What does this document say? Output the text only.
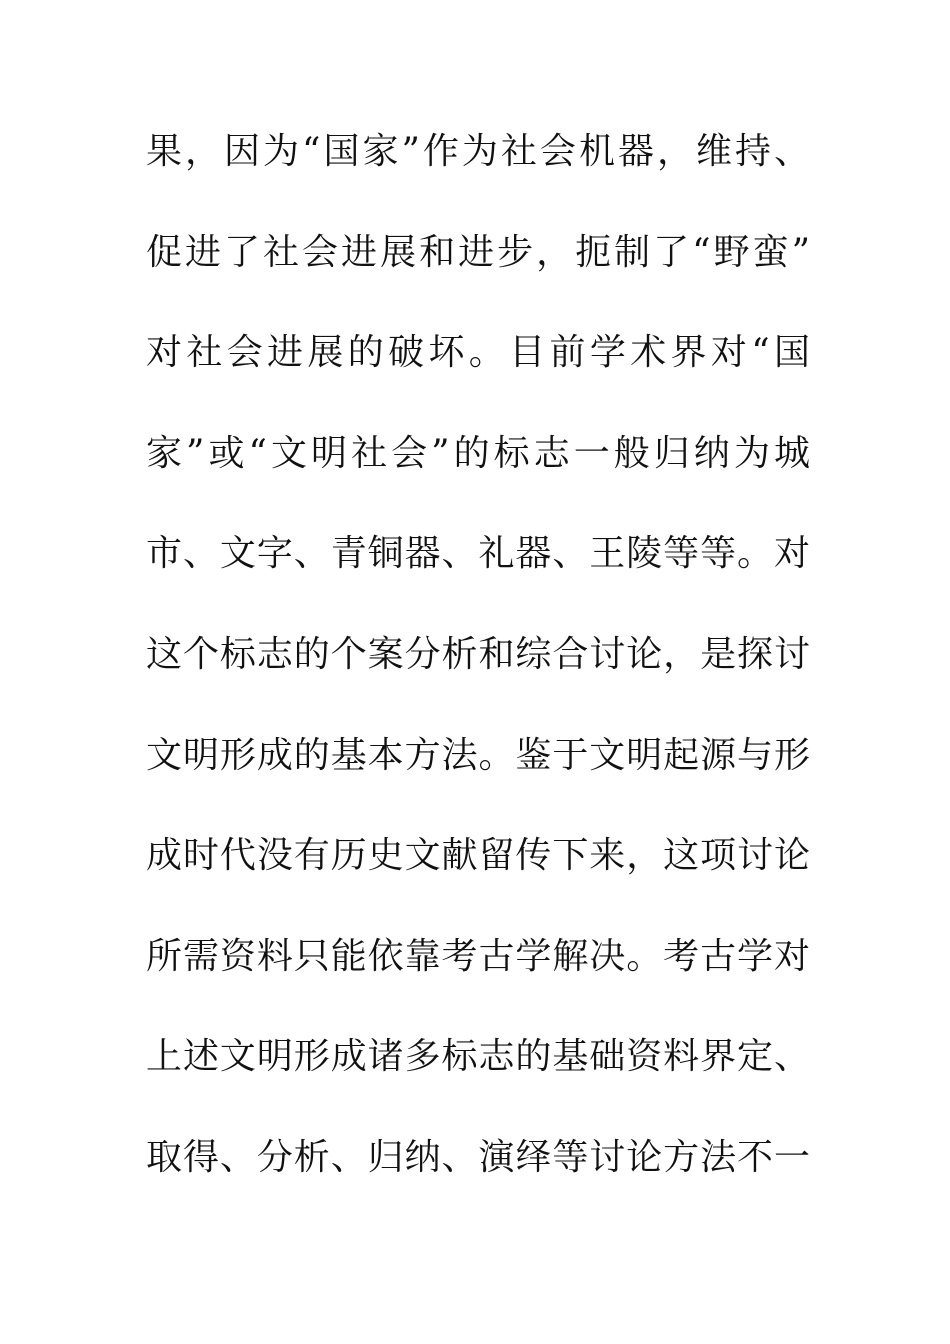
果，因为“国家”作为社会机器，维持、
促进了社会进展和进步，扼制了“野蛮”
对社会进展的破坏。目前学术界对“国
家”或“文明社会”的标志一般归纳为城
市、文字、青铜器、礼器、王陵等等。对
这个标志的个案分析和综合讨论，是探讨
文明形成的基本方法。鉴于文明起源与形
成时代没有历史文献留传下来，这项讨论
所需资料只能依靠考古学解决。考古学对
上述文明形成诸多标志的基础资料界定、
取得、分析、归纳、演绎等讨论方法不一
